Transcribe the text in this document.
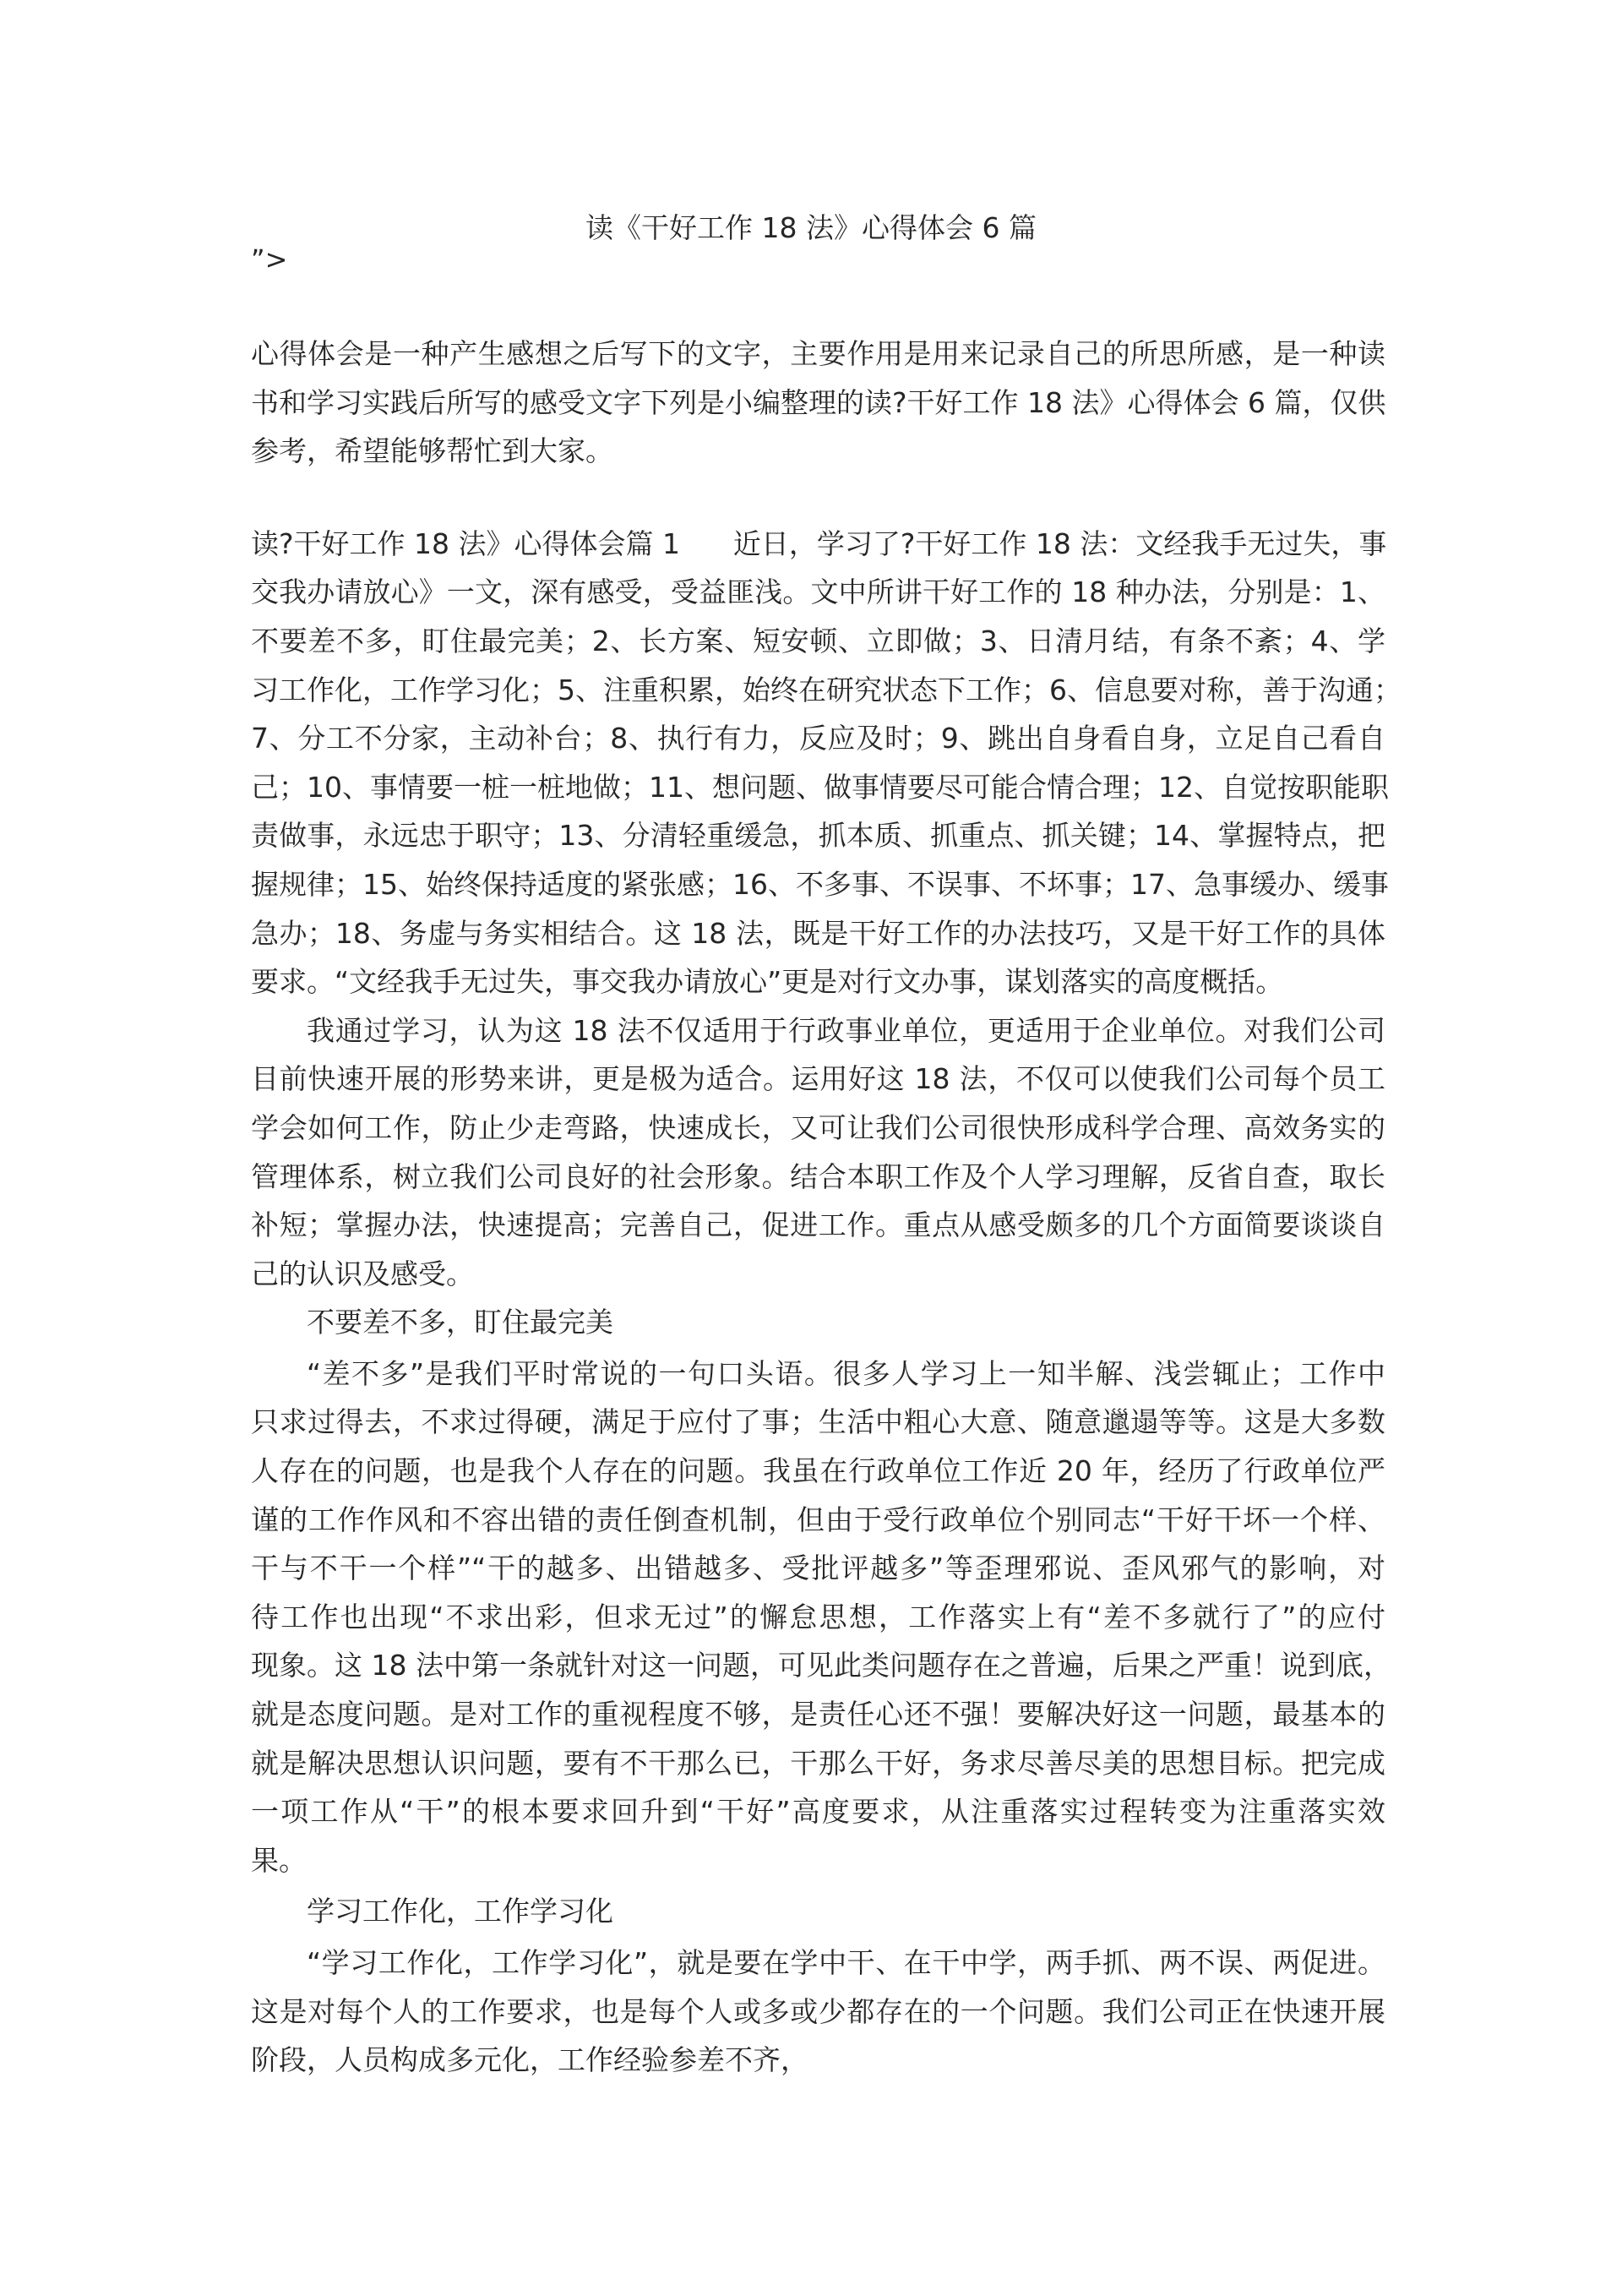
读《干好工作 18 法》心得体会 6 篇
”>
心得体会是一种产生感想之后写下的文字，主要作用是用来记录自己的所思所感，是一种读
书和学习实践后所写的感受文字下列是小编整理的读?干好工作 18 法》心得体会 6 篇，仅供
参考，希望能够帮忙到大家。
读?干好工作 18 法》心得体会篇 1      近日，学习了?干好工作 18 法：文经我手无过失，事
交我办请放心》一文，深有感受，受益匪浅。文中所讲干好工作的 18 种办法，分别是：1、
不要差不多，盯住最完美；2、长方案、短安顿、立即做；3、日清月结，有条不紊；4、学
习工作化，工作学习化；5、注重积累，始终在研究状态下工作；6、信息要对称，善于沟通；
7、分工不分家，主动补台；8、执行有力，反应及时；9、跳出自身看自身，立足自己看自
己；10、事情要一桩一桩地做；11、想问题、做事情要尽可能合情合理；12、自觉按职能职
责做事，永远忠于职守；13、分清轻重缓急，抓本质、抓重点、抓关键；14、掌握特点，把
握规律；15、始终保持适度的紧张感；16、不多事、不误事、不坏事；17、急事缓办、缓事
急办；18、务虚与务实相结合。这 18 法，既是干好工作的办法技巧，又是干好工作的具体
要求。“文经我手无过失，事交我办请放心”更是对行文办事，谋划落实的高度概括。
我通过学习，认为这 18 法不仅适用于行政事业单位，更适用于企业单位。对我们公司
目前快速开展的形势来讲，更是极为适合。运用好这 18 法，不仅可以使我们公司每个员工
学会如何工作，防止少走弯路，快速成长，又可让我们公司很快形成科学合理、高效务实的
管理体系，树立我们公司良好的社会形象。结合本职工作及个人学习理解，反省自查，取长
补短；掌握办法，快速提高；完善自己，促进工作。重点从感受颇多的几个方面简要谈谈自
己的认识及感受。
不要差不多，盯住最完美
“差不多”是我们平时常说的一句口头语。很多人学习上一知半解、浅尝辄止；工作中
只求过得去，不求过得硬，满足于应付了事；生活中粗心大意、随意邋遢等等。这是大多数
人存在的问题，也是我个人存在的问题。我虽在行政单位工作近 20 年，经历了行政单位严
谨的工作作风和不容出错的责任倒查机制，但由于受行政单位个别同志“干好干坏一个样、
干与不干一个样”“干的越多、出错越多、受批评越多”等歪理邪说、歪风邪气的影响，对
待工作也出现“不求出彩，但求无过”的懈怠思想，工作落实上有“差不多就行了”的应付
现象。这 18 法中第一条就针对这一问题，可见此类问题存在之普遍，后果之严重！说到底，
就是态度问题。是对工作的重视程度不够，是责任心还不强！要解决好这一问题，最基本的
就是解决思想认识问题，要有不干那么已，干那么干好，务求尽善尽美的思想目标。把完成
一项工作从“干”的根本要求回升到“干好”高度要求，从注重落实过程转变为注重落实效
果。
学习工作化，工作学习化
“学习工作化，工作学习化”，就是要在学中干、在干中学，两手抓、两不误、两促进。
这是对每个人的工作要求，也是每个人或多或少都存在的一个问题。我们公司正在快速开展
阶段，人员构成多元化，工作经验参差不齐，
